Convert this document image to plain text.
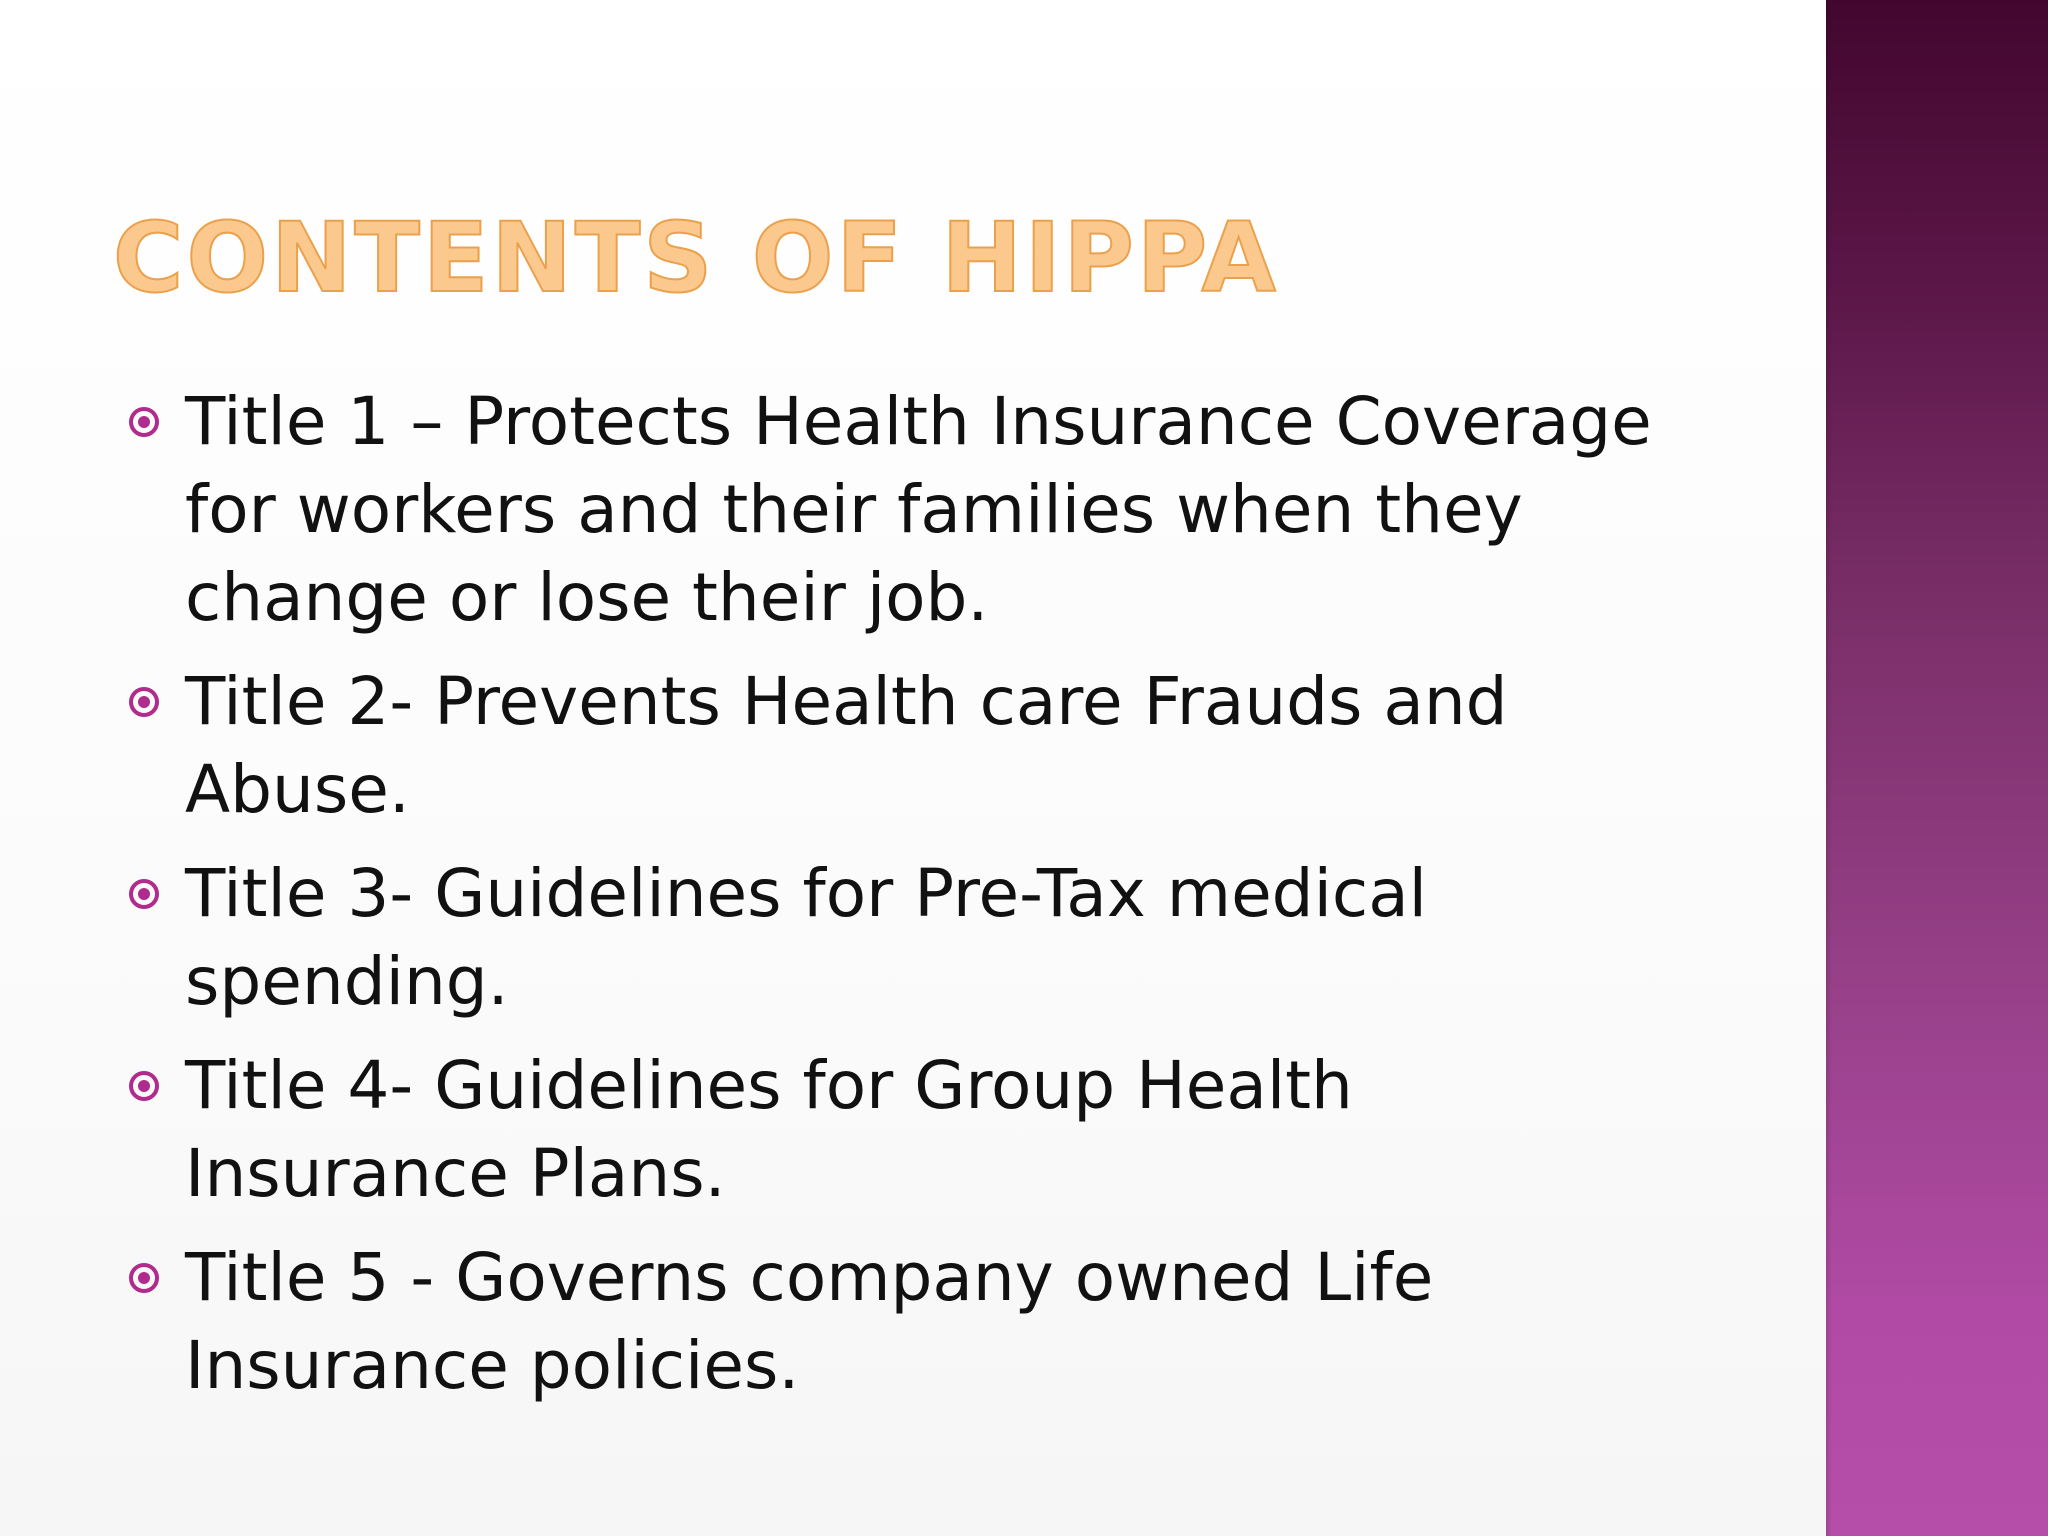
CONTENTS OF HIPPA
Title 1 – Protects Health Insurance Coverage for workers and their families when they change or lose their job.
Title 2- Prevents Health care Frauds and Abuse.
Title 3- Guidelines for Pre-Tax medical spending.
Title 4- Guidelines for Group Health Insurance Plans.
Title 5 - Governs company owned Life Insurance policies.
